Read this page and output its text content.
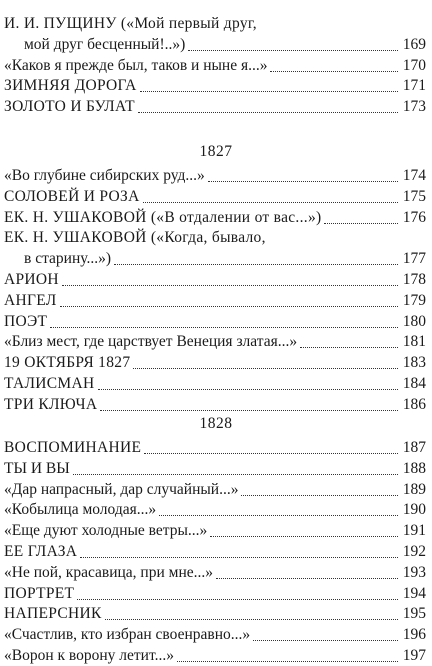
И. И. ПУЩИНУ («Мой первый друг,
мой друг бесценный!..»)	169
«Каков я прежде был, таков и ныне я...»	170
ЗИМНЯЯ ДОРОГА	171
ЗОЛОТО И БУЛАТ	173
1827
«Во глубине сибирских руд...»	174
СОЛОВЕЙ И РОЗА	175
ЕК. Н. УШАКОВОЙ («В отдалении от вас...»)	176
ЕК. Н. УШАКОВОЙ («Когда, бывало,
в старину...»)	177
АРИОН	178
АНГЕЛ	179
ПОЭТ	180
«Близ мест, где царствует Венеция златая...»	181
19 ОКТЯБРЯ 1827	183
ТАЛИСМАН	184
ТРИ КЛЮЧА	186
1828
ВОСПОМИНАНИЕ	187
ТЫ И ВЫ	188
«Дар напрасный, дар случайный...»	189
«Кобылица молодая...»	190
«Еще дуют холодные ветры...»	191
ЕЕ ГЛАЗА	192
«Не пой, красавица, при мне...»	193
ПОРТРЕТ	194
НАПЕРСНИК	195
«Счастлив, кто избран своенравно...»	196
«Ворон к ворону летит...»	197
